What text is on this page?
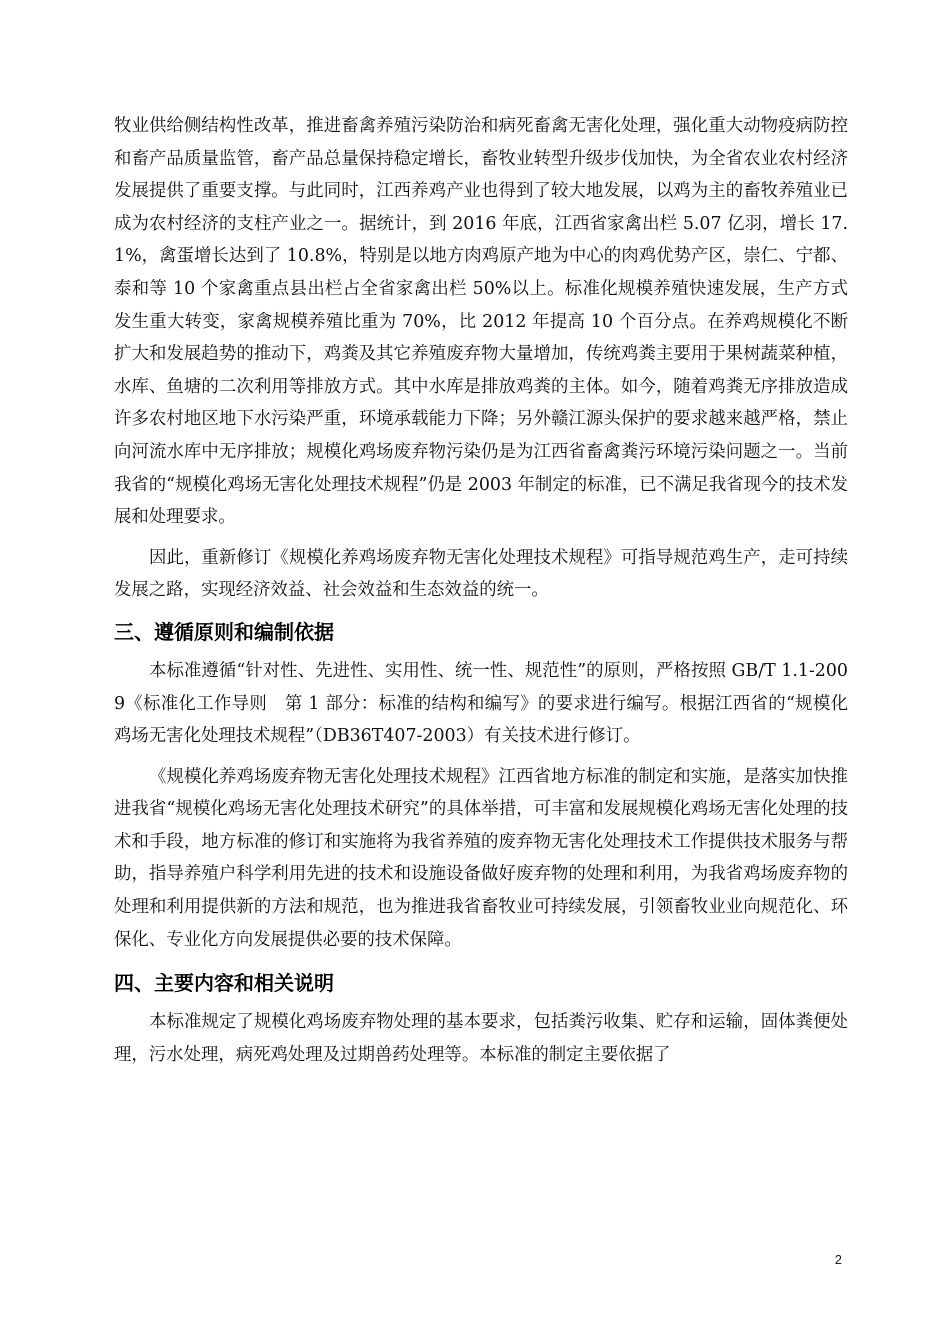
牧业供给侧结构性改革，推进畜禽养殖污染防治和病死畜禽无害化处理，强化重大动物疫病防控和畜产品质量监管，畜产品总量保持稳定增长，畜牧业转型升级步伐加快，为全省农业农村经济发展提供了重要支撑。与此同时，江西养鸡产业也得到了较大地发展，以鸡为主的畜牧养殖业已成为农村经济的支柱产业之一。据统计，到 2016 年底，江西省家禽出栏 5.07 亿羽，增长 17.1%，禽蛋增长达到了 10.8%，特别是以地方肉鸡原产地为中心的肉鸡优势产区，崇仁、宁都、泰和等 10 个家禽重点县出栏占全省家禽出栏 50%以上。标准化规模养殖快速发展，生产方式发生重大转变，家禽规模养殖比重为 70%，比 2012 年提高 10 个百分点。在养鸡规模化不断扩大和发展趋势的推动下，鸡粪及其它养殖废弃物大量增加，传统鸡粪主要用于果树蔬菜种植，水库、鱼塘的二次利用等排放方式。其中水库是排放鸡粪的主体。如今，随着鸡粪无序排放造成许多农村地区地下水污染严重，环境承载能力下降；另外赣江源头保护的要求越来越严格，禁止向河流水库中无序排放；规模化鸡场废弃物污染仍是为江西省畜禽粪污环境污染问题之一。当前我省的“规模化鸡场无害化处理技术规程”仍是 2003 年制定的标准，已不满足我省现今的技术发展和处理要求。

因此，重新修订《规模化养鸡场废弃物无害化处理技术规程》可指导规范鸡生产，走可持续发展之路，实现经济效益、社会效益和生态效益的统一。

三、遵循原则和编制依据

本标准遵循“针对性、先进性、实用性、统一性、规范性”的原则，严格按照 GB/T 1.1-2009《标准化工作导则　第 1 部分：标准的结构和编写》的要求进行编写。根据江西省的“规模化鸡场无害化处理技术规程”（DB36T407-2003）有关技术进行修订。

《规模化养鸡场废弃物无害化处理技术规程》江西省地方标准的制定和实施，是落实加快推进我省“规模化鸡场无害化处理技术研究”的具体举措，可丰富和发展规模化鸡场无害化处理的技术和手段，地方标准的修订和实施将为我省养殖的废弃物无害化处理技术工作提供技术服务与帮助，指导养殖户科学利用先进的技术和设施设备做好废弃物的处理和利用，为我省鸡场废弃物的处理和利用提供新的方法和规范，也为推进我省畜牧业可持续发展，引领畜牧业业向规范化、环保化、专业化方向发展提供必要的技术保障。

四、主要内容和相关说明

本标准规定了规模化鸡场废弃物处理的基本要求，包括粪污收集、贮存和运输，固体粪便处理，污水处理，病死鸡处理及过期兽药处理等。本标准的制定主要依据了

2
